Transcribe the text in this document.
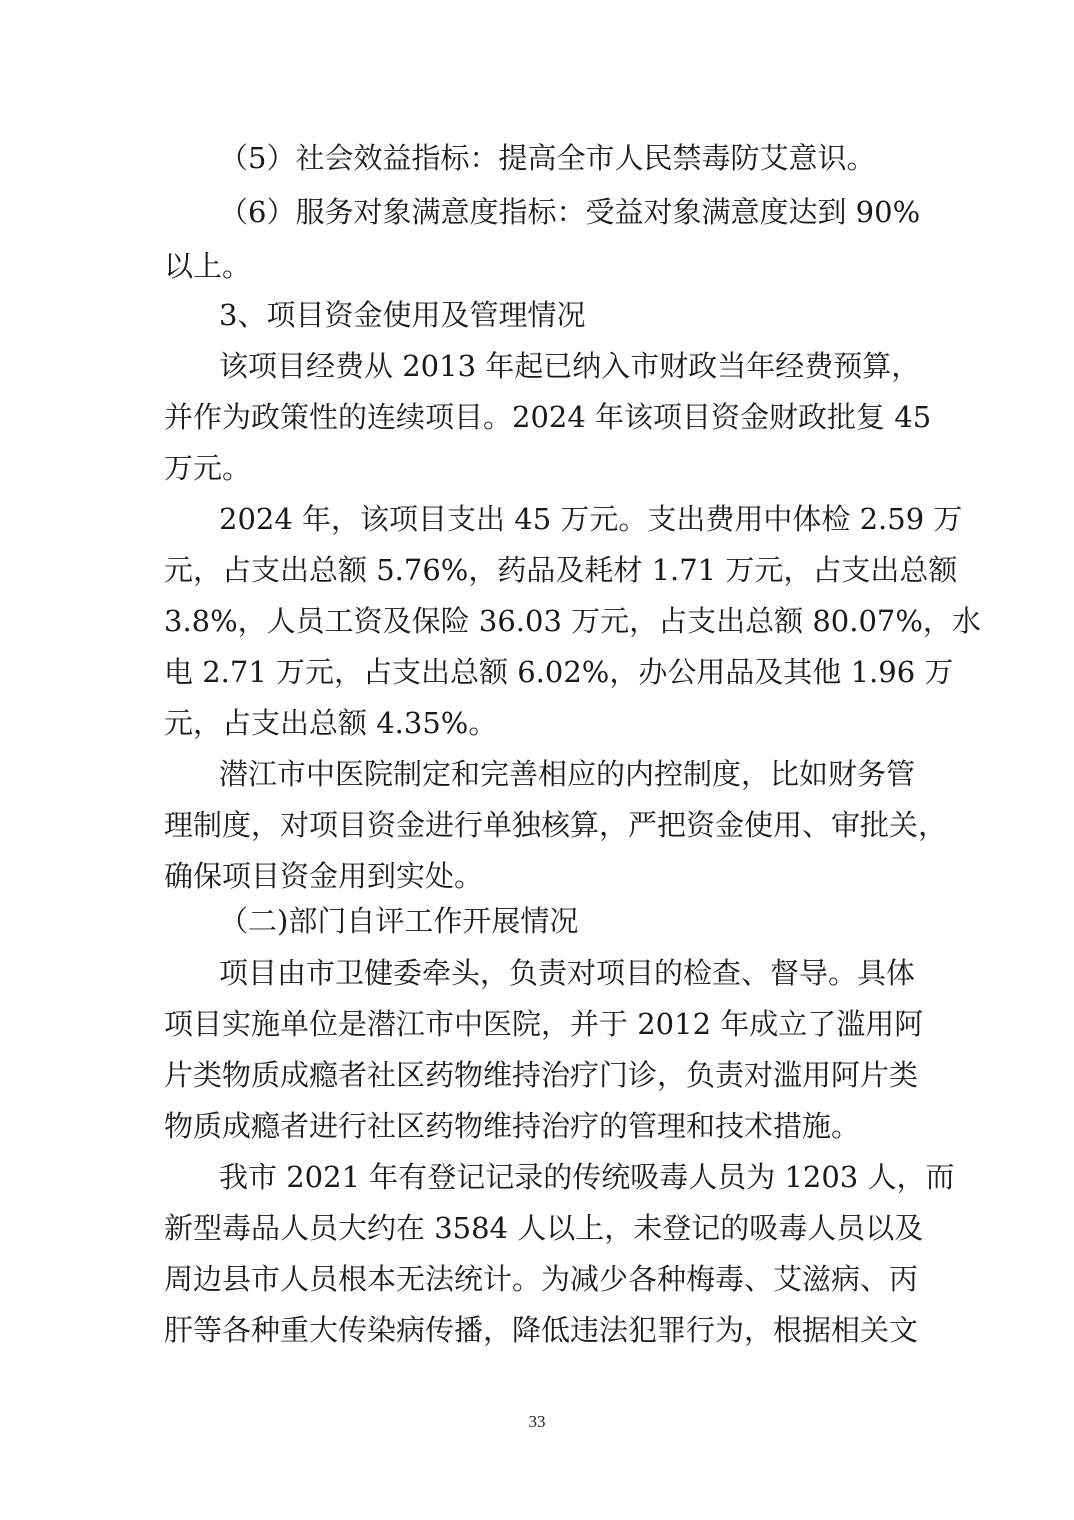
（5）社会效益指标：提高全市人民禁毒防艾意识。

（6）服务对象满意度指标：受益对象满意度达到 90%

以上。

3、项目资金使用及管理情况

该项目经费从 2013 年起已纳入市财政当年经费预算，

并作为政策性的连续项目。2024 年该项目资金财政批复 45

万元。

2024 年，该项目支出 45 万元。支出费用中体检 2.59 万

元，占支出总额 5.76%，药品及耗材 1.71 万元，占支出总额

3.8%，人员工资及保险 36.03 万元，占支出总额 80.07%，水

电 2.71 万元，占支出总额 6.02%，办公用品及其他 1.96 万

元，占支出总额 4.35%。

潜江市中医院制定和完善相应的内控制度，比如财务管

理制度，对项目资金进行单独核算，严把资金使用、审批关，

确保项目资金用到实处。

（二)部门自评工作开展情况

项目由市卫健委牵头，负责对项目的检查、督导。具体

项目实施单位是潜江市中医院，并于 2012 年成立了滥用阿

片类物质成瘾者社区药物维持治疗门诊，负责对滥用阿片类

物质成瘾者进行社区药物维持治疗的管理和技术措施。

我市 2021 年有登记记录的传统吸毒人员为 1203 人，而

新型毒品人员大约在 3584 人以上，未登记的吸毒人员以及

周边县市人员根本无法统计。为减少各种梅毒、艾滋病、丙

肝等各种重大传染病传播，降低违法犯罪行为，根据相关文

33
